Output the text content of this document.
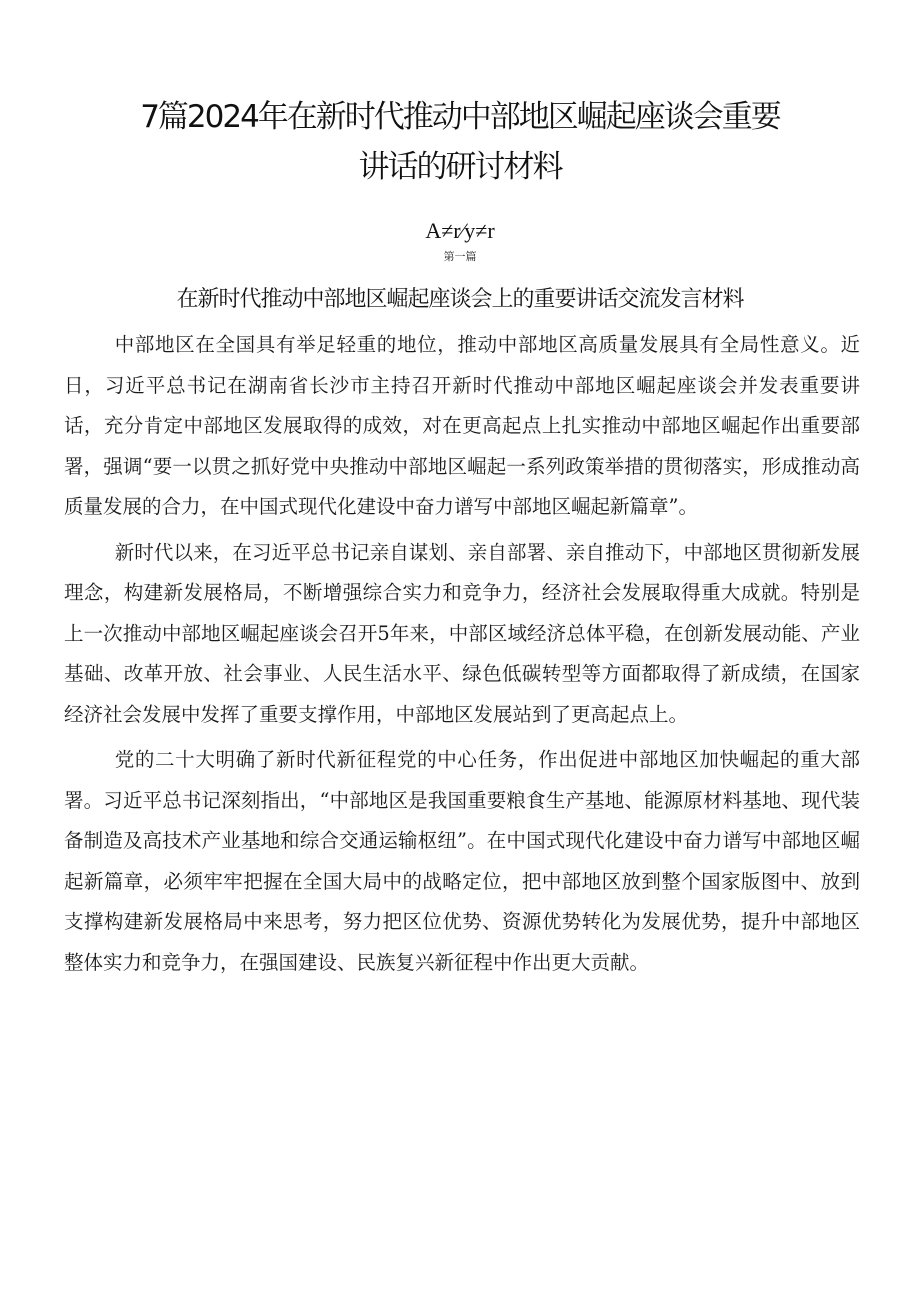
7篇2024年在新时代推动中部地区崛起座谈会重要
讲话的研讨材料
A≠r∕y≠r
第一篇
在新时代推动中部地区崛起座谈会上的重要讲话交流发言材料

中部地区在全国具有举足轻重的地位，推动中部地区高质量发展具有全局性意义。近日，习近平总书记在湖南省长沙市主持召开新时代推动中部地区崛起座谈会并发表重要讲话，充分肯定中部地区发展取得的成效，对在更高起点上扎实推动中部地区崛起作出重要部署，强调“要一以贯之抓好党中央推动中部地区崛起一系列政策举措的贯彻落实，形成推动高质量发展的合力，在中国式现代化建设中奋力谱写中部地区崛起新篇章”。

新时代以来，在习近平总书记亲自谋划、亲自部署、亲自推动下，中部地区贯彻新发展理念，构建新发展格局，不断增强综合实力和竞争力，经济社会发展取得重大成就。特别是上一次推动中部地区崛起座谈会召开5年来，中部区域经济总体平稳，在创新发展动能、产业基础、改革开放、社会事业、人民生活水平、绿色低碳转型等方面都取得了新成绩，在国家经济社会发展中发挥了重要支撑作用，中部地区发展站到了更高起点上。

党的二十大明确了新时代新征程党的中心任务，作出促进中部地区加快崛起的重大部署。习近平总书记深刻指出，“中部地区是我国重要粮食生产基地、能源原材料基地、现代装备制造及高技术产业基地和综合交通运输枢纽”。在中国式现代化建设中奋力谱写中部地区崛起新篇章，必须牢牢把握在全国大局中的战略定位，把中部地区放到整个国家版图中、放到支撑构建新发展格局中来思考，努力把区位优势、资源优势转化为发展优势，提升中部地区整体实力和竞争力，在强国建设、民族复兴新征程中作出更大贡献。
